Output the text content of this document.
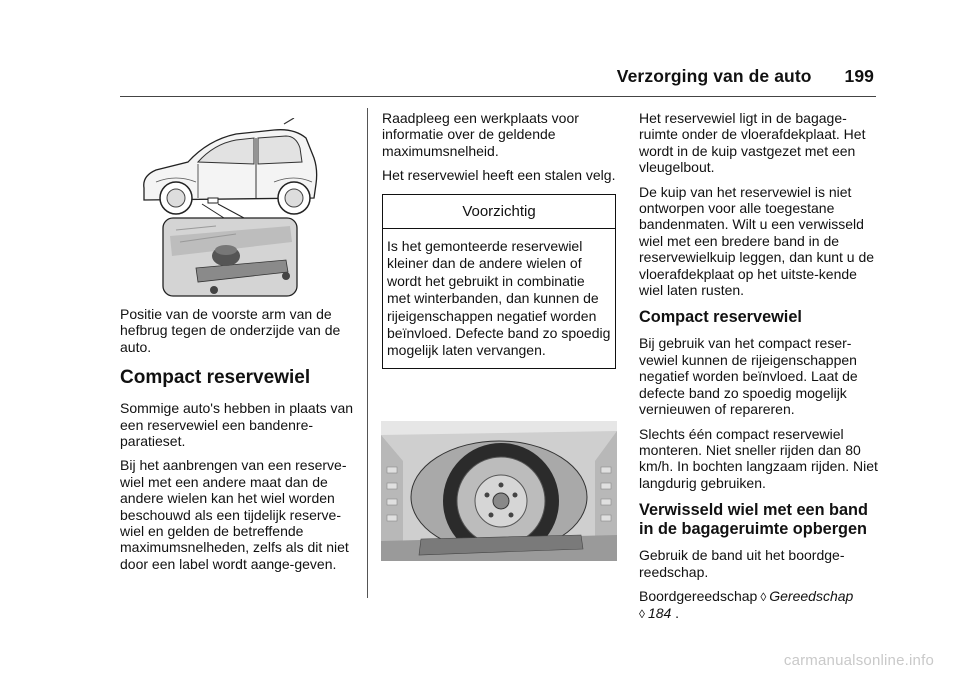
Verzorging van de auto 199

Positie van de voorste arm van de hefbrug tegen de onderzijde van de auto.

Compact reservewiel

Sommige auto's hebben in plaats van een reservewiel een bandenre-paratieset.

Bij het aanbrengen van een reserve-wiel met een andere maat dan de andere wielen kan het wiel worden beschouwd als een tijdelijk reserve-wiel en gelden de betreffende maximumsnelheden, zelfs als dit niet door een label wordt aange-geven.

Raadpleeg een werkplaats voor informatie over de geldende maximumsnelheid.

Het reservewiel heeft een stalen velg.

Voorzichtig
Is het gemonteerde reservewiel kleiner dan de andere wielen of wordt het gebruikt in combinatie met winterbanden, dan kunnen de rijeigenschappen negatief worden beïnvloed. Defecte band zo spoedig mogelijk laten vervangen.

Het reservewiel ligt in de bagage-ruimte onder de vloerafdekplaat. Het wordt in de kuip vastgezet met een vleugelbout.

De kuip van het reservewiel is niet ontworpen voor alle toegestane bandenmaten. Wilt u een verwisseld wiel met een bredere band in de reservewielkuip leggen, dan kunt u de vloerafdekplaat op het uitste-kende wiel laten rusten.

Compact reservewiel

Bij gebruik van het compact reser-vewiel kunnen de rijeigenschappen negatief worden beïnvloed. Laat de defecte band zo spoedig mogelijk vernieuwen of repareren.

Slechts één compact reservewiel monteren. Niet sneller rijden dan 80 km/h. In bochten langzaam rijden. Niet langdurig gebruiken.

Verwisseld wiel met een band in de bagageruimte opbergen

Gebruik de band uit het boordge-reedschap.

Boordgereedschap ◊ Gereedschap
◊ 184 .

carmanualsonline.info
